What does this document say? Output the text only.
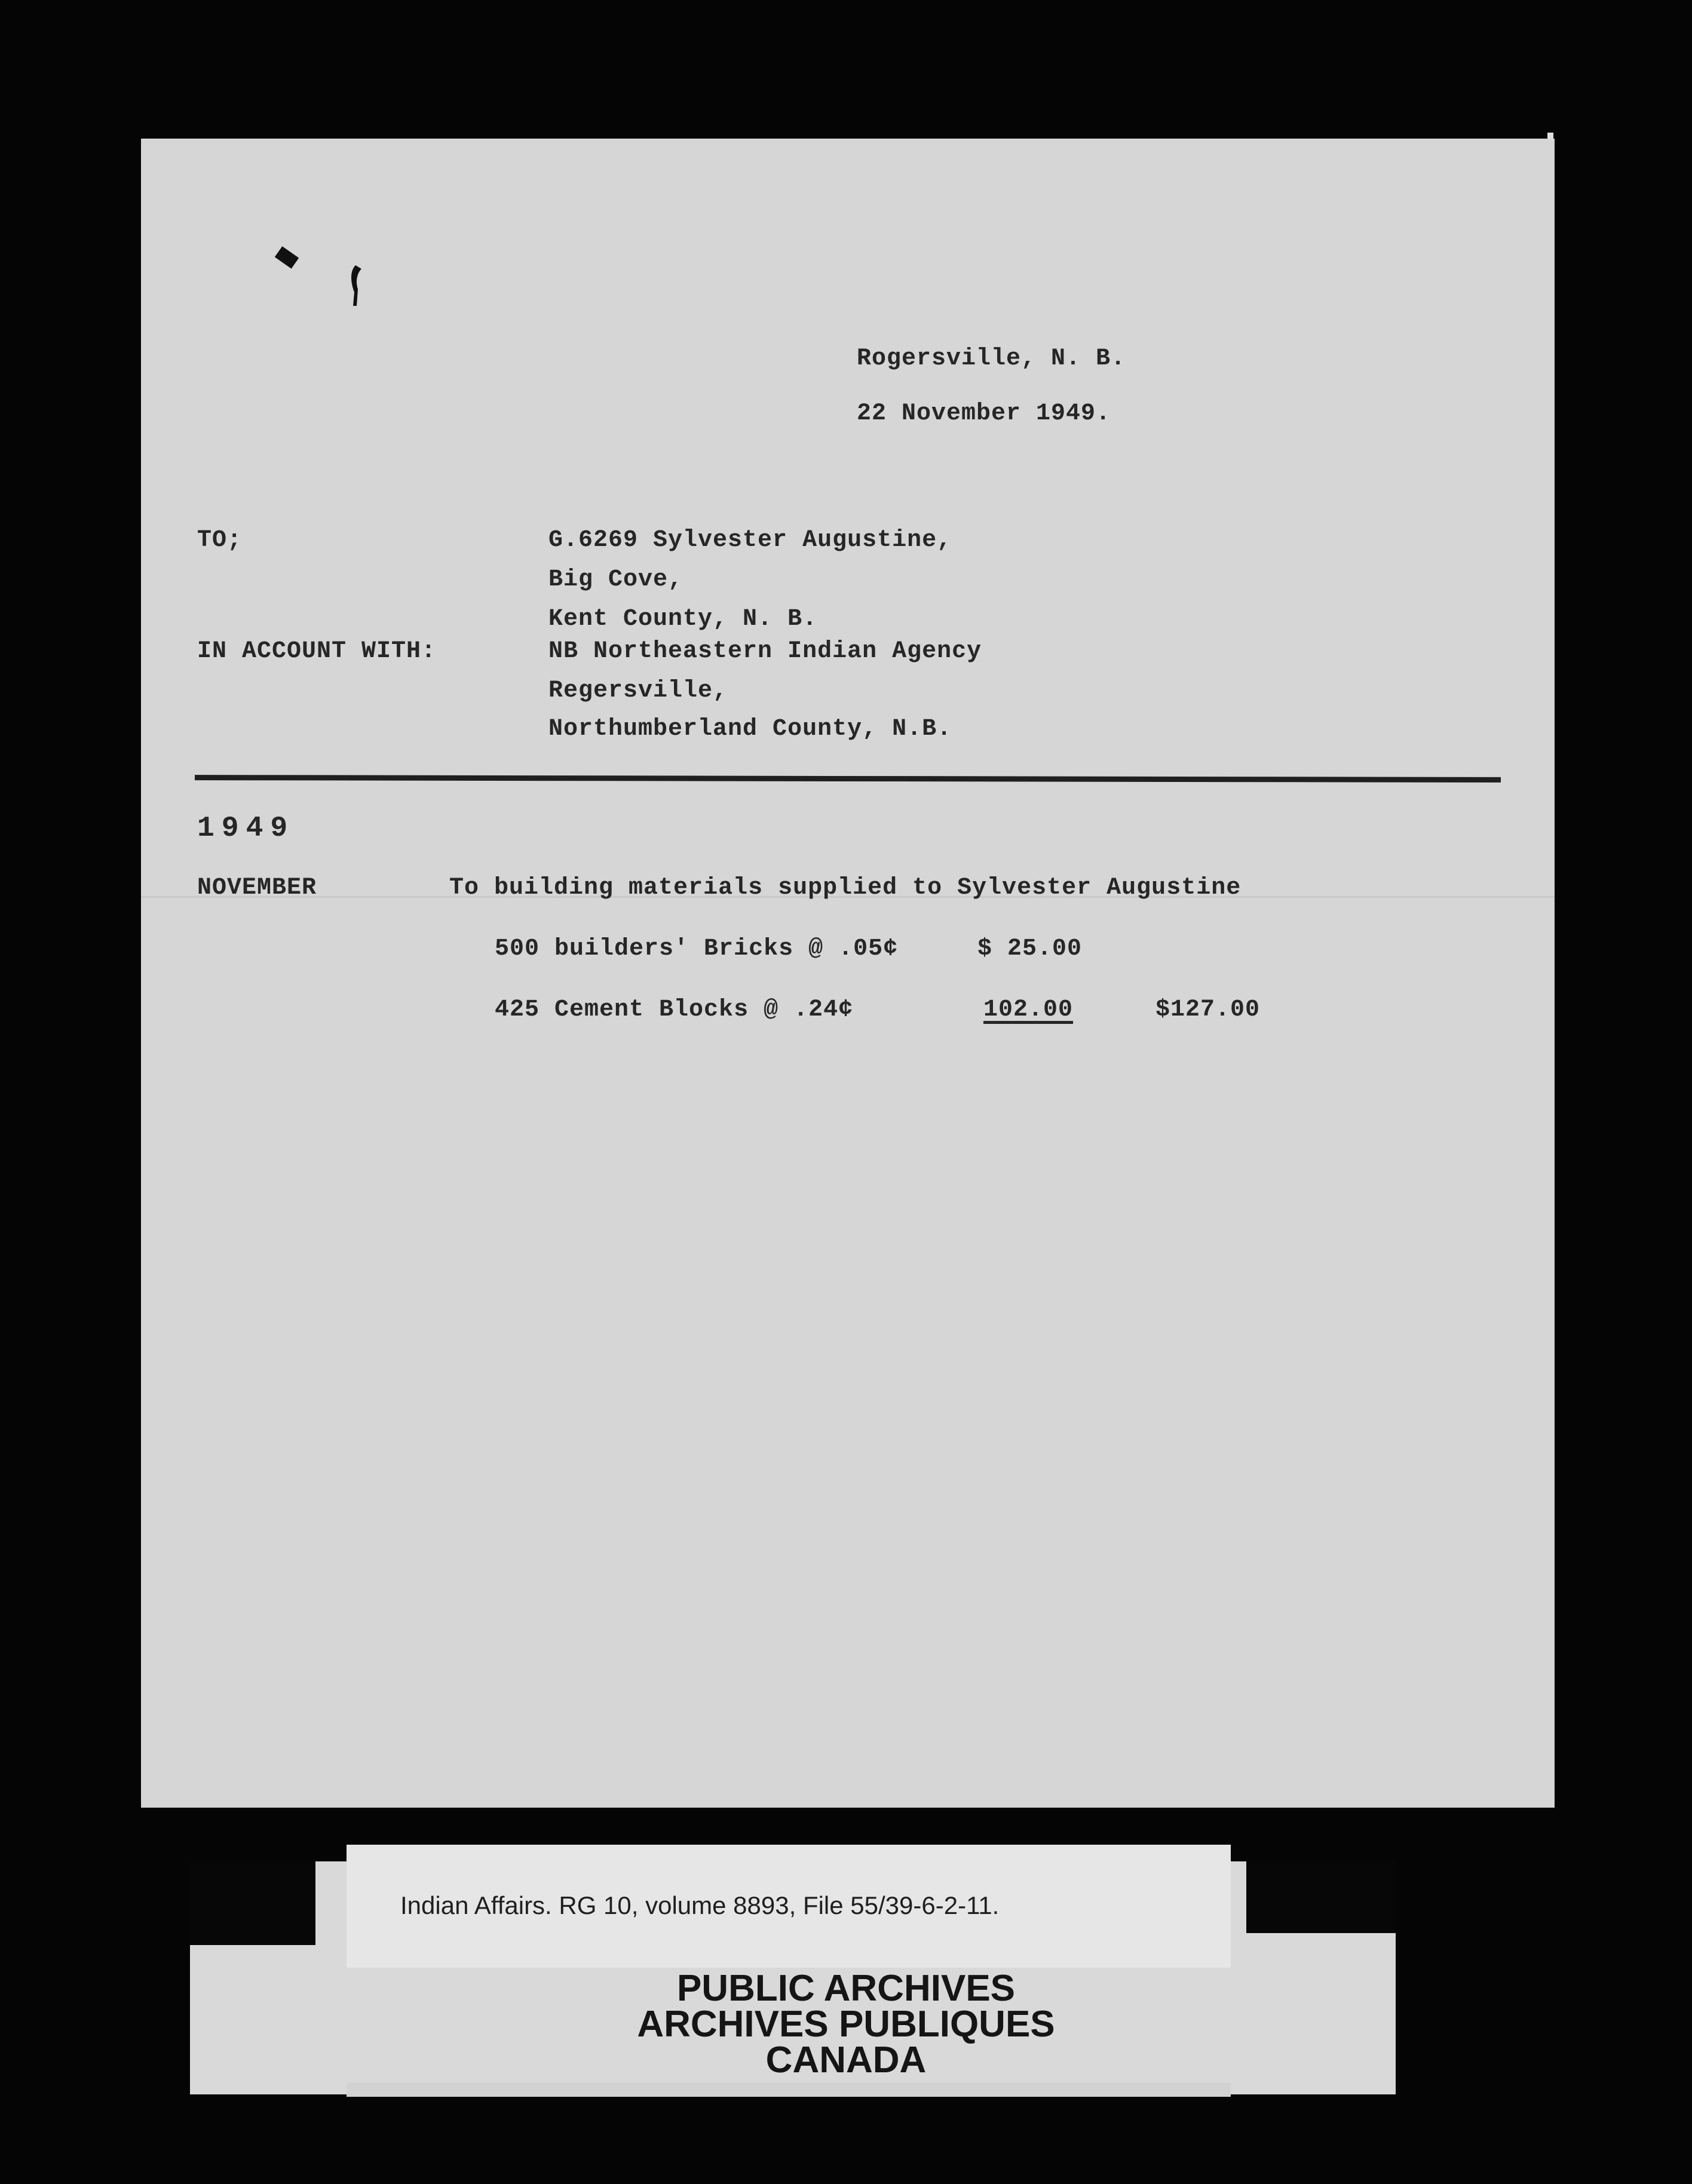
Rogersville, N. B.
22 November 1949.
TO;	G.6269 Sylvester Augustine,
Big Cove,
Kent County, N. B.
IN ACCOUNT WITH:	NB Northeastern Indian Agency
Regersville,
Northumberland County, N.B.
1949
NOVEMBER	To building materials supplied to Sylvester Augustine
500 builders' Bricks @ .05¢	$ 25.00
425 Cement Blocks @ .24¢	102.00	$127.00
Indian Affairs. RG 10, volume 8893, File 55/39-6-2-11.
PUBLIC ARCHIVES
ARCHIVES PUBLIQUES
CANADA
